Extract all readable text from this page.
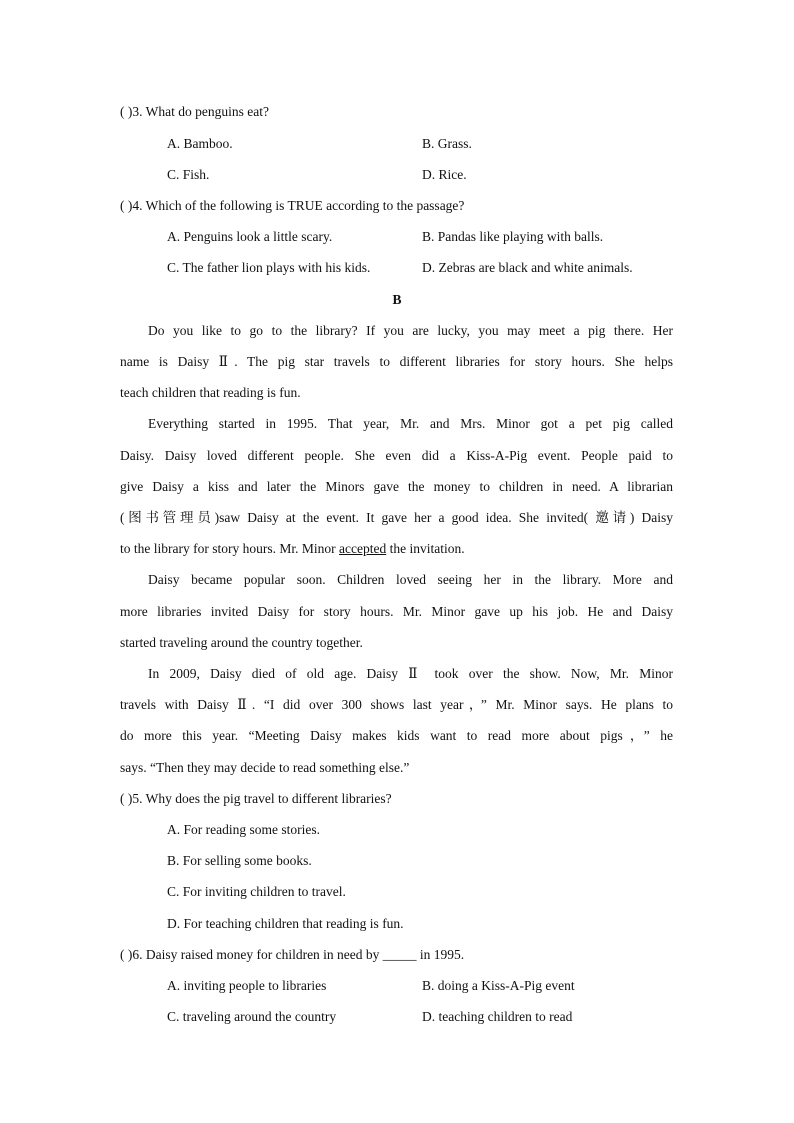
( )3. What do penguins eat?
A. Bamboo.	B. Grass.
C. Fish.	D. Rice.
( )4. Which of the following is TRUE according to the passage?
A. Penguins look a little scary.	B. Pandas like playing with balls.
C. The father lion plays with his kids.	D. Zebras are black and white animals.
B
Do you like to go to the library? If you are lucky, you may meet a pig there. Her
name is Daisy Ⅱ. The pig star travels to different libraries for story hours. She helps
teach children that reading is fun.
Everything started in 1995. That year, Mr. and Mrs. Minor got a pet pig called
Daisy. Daisy loved different people. She even did a Kiss-A-Pig event. People paid to
give Daisy a kiss and later the Minors gave the money to children in need. A librarian
(图书管理员)saw Daisy at the event. It gave her a good idea. She invited( 邀请) Daisy
to the library for story hours. Mr. Minor accepted the invitation.
Daisy became popular soon. Children loved seeing her in the library. More and
more libraries invited Daisy for story hours. Mr. Minor gave up his job. He and Daisy
started traveling around the country together.
In 2009, Daisy died of old age. Daisy Ⅱ took over the show. Now, Mr. Minor
travels with Daisy Ⅱ. “I did over 300 shows last year，” Mr. Minor says. He plans to
do more this year. “Meeting Daisy makes kids want to read more about pigs，” he
says. “Then they may decide to read something else.”
( )5. Why does the pig travel to different libraries?
A. For reading some stories.
B. For selling some books.
C. For inviting children to travel.
D. For teaching children that reading is fun.
( )6. Daisy raised money for children in need by _____ in 1995.
A. inviting people to libraries	B. doing a Kiss-A-Pig event
C. traveling around the country	D. teaching children to read
